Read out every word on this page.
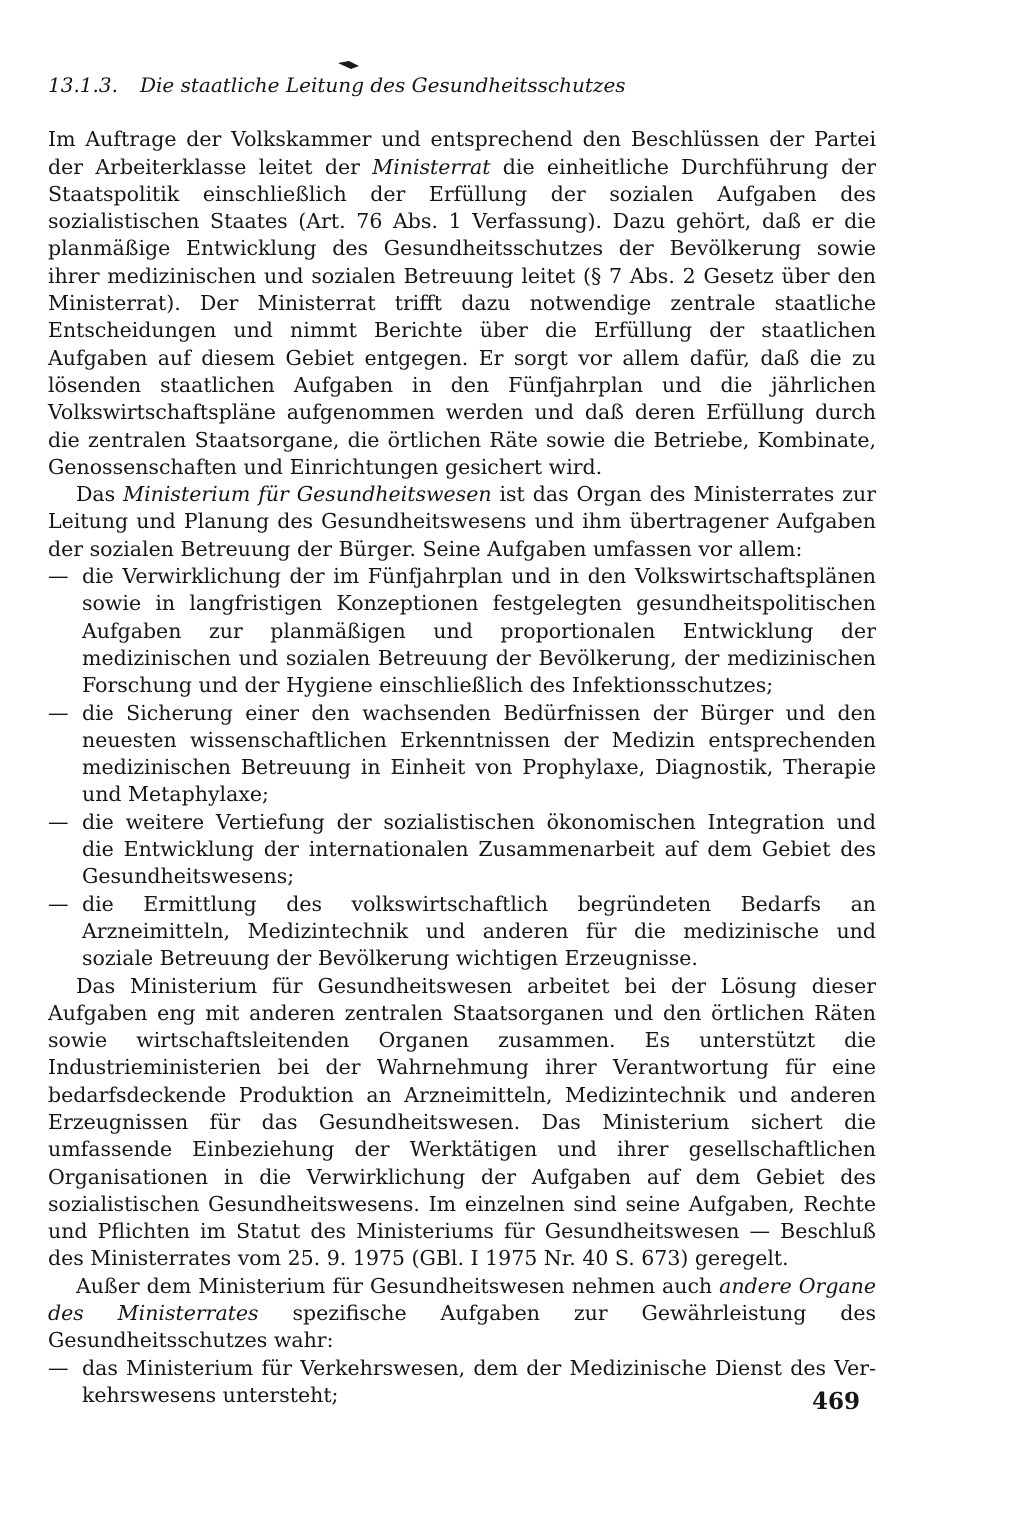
13.1.3. Die staatliche Leitung des Gesundheitsschutzes

Im Auftrage der Volkskammer und entsprechend den Beschlüssen der Partei der Arbeiterklasse leitet der Ministerrat die einheitliche Durchführung der Staatspolitik einschließlich der Erfüllung der sozialen Aufgaben des sozialistischen Staates (Art. 76 Abs. 1 Verfassung). Dazu gehört, daß er die planmäßige Entwicklung des Gesundheitsschutzes der Bevölkerung sowie ihrer medizinischen und sozialen Betreuung leitet (§ 7 Abs. 2 Gesetz über den Ministerrat). Der Ministerrat trifft dazu notwendige zentrale staatliche Entscheidungen und nimmt Berichte über die Erfüllung der staatlichen Aufgaben auf diesem Gebiet entgegen. Er sorgt vor allem dafür, daß die zu lösenden staatlichen Aufgaben in den Fünfjahrplan und die jährlichen Volkswirtschaftspläne aufgenommen werden und daß deren Erfüllung durch die zentralen Staatsorgane, die örtlichen Räte sowie die Betriebe, Kombinate, Genossenschaften und Einrichtungen gesichert wird.

Das Ministerium für Gesundheitswesen ist das Organ des Ministerrates zur Leitung und Planung des Gesundheitswesens und ihm übertragener Aufgaben der sozialen Betreuung der Bürger. Seine Aufgaben umfassen vor allem:

— die Verwirklichung der im Fünfjahrplan und in den Volkswirtschaftsplänen sowie in langfristigen Konzeptionen festgelegten gesundheitspolitischen Aufgaben zur planmäßigen und proportionalen Entwicklung der medizinischen und sozialen Betreuung der Bevölkerung, der medizinischen Forschung und der Hygiene einschließlich des Infektionsschutzes;
— die Sicherung einer den wachsenden Bedürfnissen der Bürger und den neuesten wissenschaftlichen Erkenntnissen der Medizin entsprechenden medizinischen Betreuung in Einheit von Prophylaxe, Diagnostik, Therapie und Metaphylaxe;
— die weitere Vertiefung der sozialistischen ökonomischen Integration und die Entwicklung der internationalen Zusammenarbeit auf dem Gebiet des Gesundheitswesens;
— die Ermittlung des volkswirtschaftlich begründeten Bedarfs an Arzneimitteln, Medizintechnik und anderen für die medizinische und soziale Betreuung der Bevölkerung wichtigen Erzeugnisse.

Das Ministerium für Gesundheitswesen arbeitet bei der Lösung dieser Aufgaben eng mit anderen zentralen Staatsorganen und den örtlichen Räten sowie wirtschaftsleitenden Organen zusammen. Es unterstützt die Industrieministerien bei der Wahrnehmung ihrer Verantwortung für eine bedarfsdeckende Produktion an Arzneimitteln, Medizintechnik und anderen Erzeugnissen für das Gesundheitswesen. Das Ministerium sichert die umfassende Einbeziehung der Werktätigen und ihrer gesellschaftlichen Organisationen in die Verwirklichung der Aufgaben auf dem Gebiet des sozialistischen Gesundheitswesens. Im einzelnen sind seine Aufgaben, Rechte und Pflichten im Statut des Ministeriums für Gesundheitswesen — Beschluß des Ministerrates vom 25. 9. 1975 (GBl. I 1975 Nr. 40 S. 673) geregelt.

Außer dem Ministerium für Gesundheitswesen nehmen auch andere Organe des Ministerrates spezifische Aufgaben zur Gewährleistung des Gesundheitsschutzes wahr:

— das Ministerium für Verkehrswesen, dem der Medizinische Dienst des Verkehrswesens untersteht;	469
